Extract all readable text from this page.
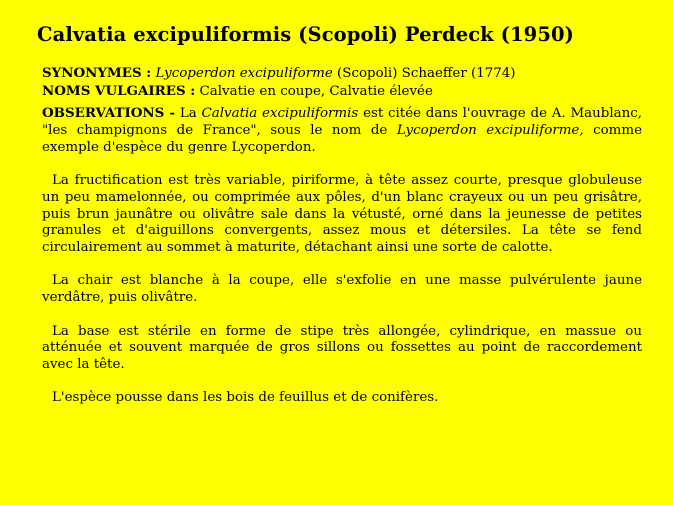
Calvatia excipuliformis (Scopoli) Perdeck (1950)

SYNONYMES : Lycoperdon excipuliforme (Scopoli) Schaeffer (1774)

NOMS VULGAIRES : Calvatie en coupe, Calvatie élevée

OBSERVATIONS - La Calvatia excipuliformis est citée dans l'ouvrage de A. Maublanc, "les champignons de France", sous le nom de Lycoperdon excipuliforme, comme exemple d'espèce du genre Lycoperdon.

La fructification est très variable, piriforme, à tête assez courte, presque globuleuse un peu mamelonnée, ou comprimée aux pôles, d'un blanc crayeux ou un peu grisâtre, puis brun jaunâtre ou olivâtre sale dans la vétusté, orné dans la jeunesse de petites granules et d'aiguillons convergents, assez mous et détersiles. La tête se fend circulairement au sommet à maturite, détachant ainsi une sorte de calotte.

La chair est blanche à la coupe, elle s'exfolie en une masse pulvérulente jaune verdâtre, puis olivâtre.

La base est stérile en forme de stipe très allongée, cylindrique, en massue ou atténuée et souvent marquée de gros sillons ou fossettes au point de raccordement avec la tête.

L'espèce pousse dans les bois de feuillus et de conifères.
